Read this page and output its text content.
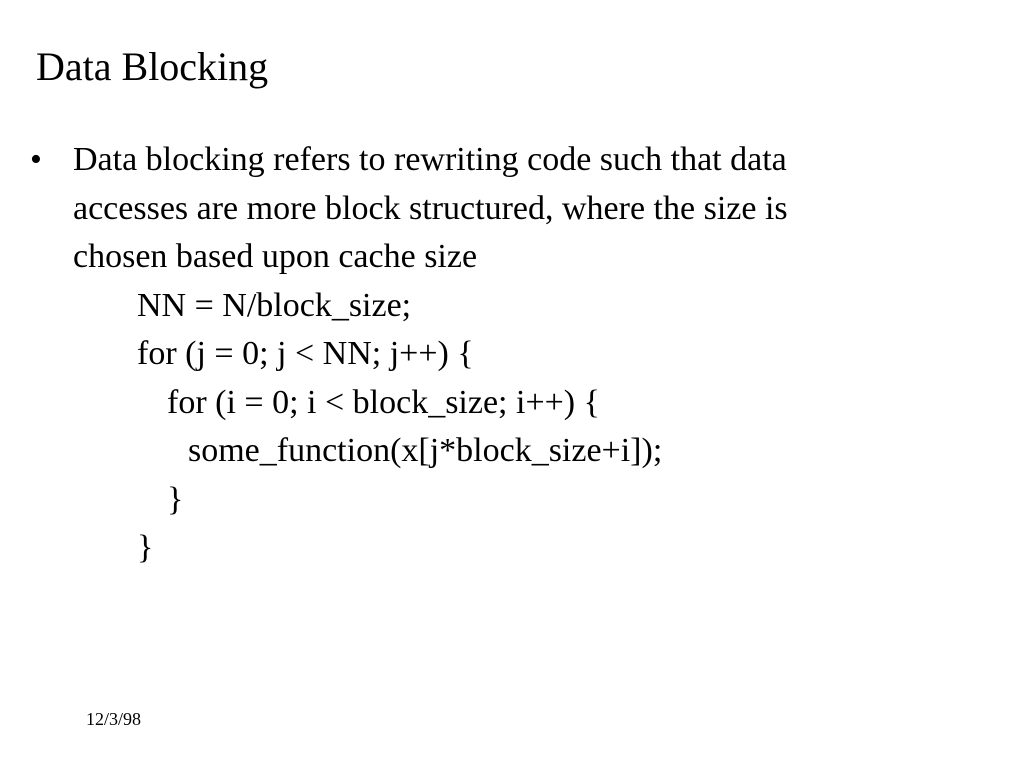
Data Blocking
• Data blocking refers to rewriting code such that data
accesses are more block structured, where the size is
chosen based upon cache size
NN = N/block_size;
for (j = 0; j < NN; j++) {
for (i = 0; i < block_size; i++) {
some_function(x[j*block_size+i]);
}
}
12/3/98
